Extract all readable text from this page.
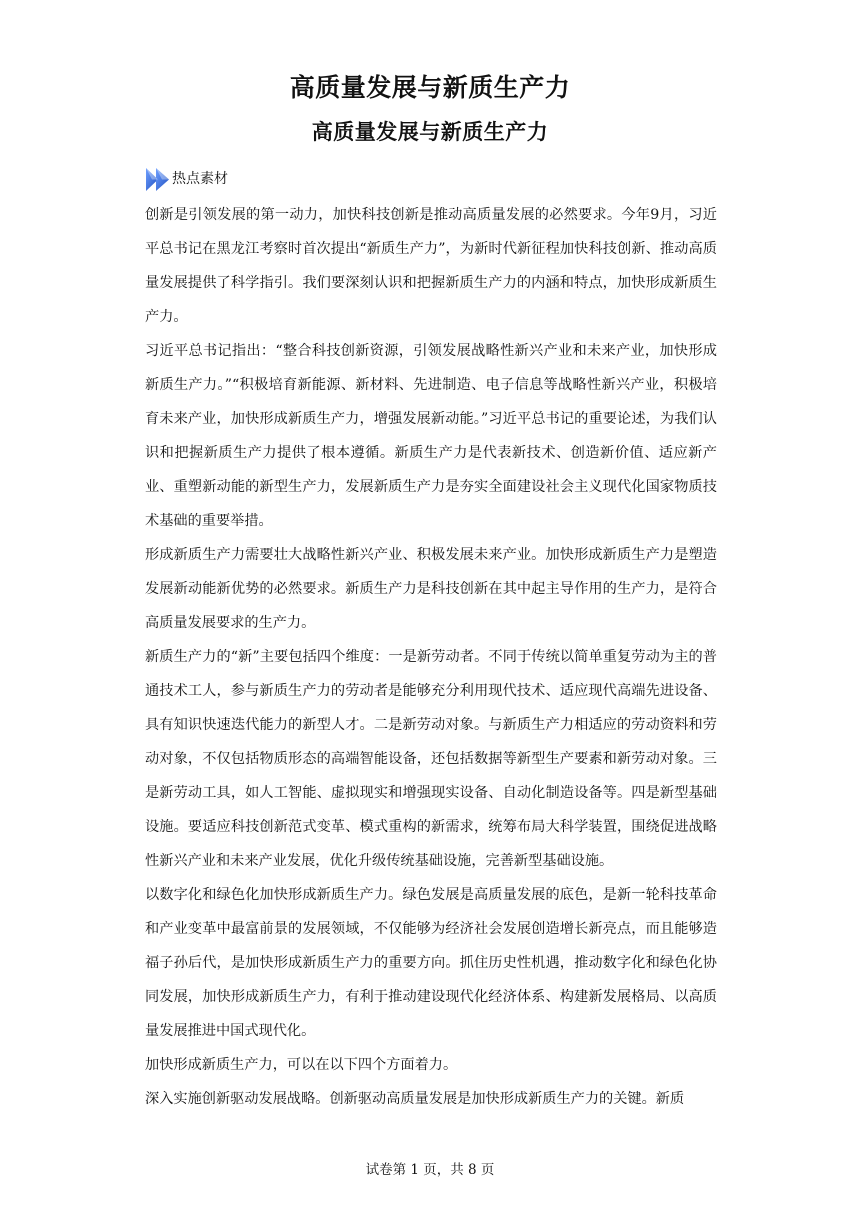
高质量发展与新质生产力
高质量发展与新质生产力
热点素材

创新是引领发展的第一动力，加快科技创新是推动高质量发展的必然要求。今年9月，习近平总书记在黑龙江考察时首次提出“新质生产力”，为新时代新征程加快科技创新、推动高质量发展提供了科学指引。我们要深刻认识和把握新质生产力的内涵和特点，加快形成新质生产力。

习近平总书记指出：“整合科技创新资源，引领发展战略性新兴产业和未来产业，加快形成新质生产力。”“积极培育新能源、新材料、先进制造、电子信息等战略性新兴产业，积极培育未来产业，加快形成新质生产力，增强发展新动能。”习近平总书记的重要论述，为我们认识和把握新质生产力提供了根本遵循。新质生产力是代表新技术、创造新价值、适应新产业、重塑新动能的新型生产力，发展新质生产力是夯实全面建设社会主义现代化国家物质技术基础的重要举措。

形成新质生产力需要壮大战略性新兴产业、积极发展未来产业。加快形成新质生产力是塑造发展新动能新优势的必然要求。新质生产力是科技创新在其中起主导作用的生产力，是符合高质量发展要求的生产力。

新质生产力的“新”主要包括四个维度：一是新劳动者。不同于传统以简单重复劳动为主的普通技术工人，参与新质生产力的劳动者是能够充分利用现代技术、适应现代高端先进设备、具有知识快速迭代能力的新型人才。二是新劳动对象。与新质生产力相适应的劳动资料和劳动对象，不仅包括物质形态的高端智能设备，还包括数据等新型生产要素和新劳动对象。三是新劳动工具，如人工智能、虚拟现实和增强现实设备、自动化制造设备等。四是新型基础设施。要适应科技创新范式变革、模式重构的新需求，统筹布局大科学装置，围绕促进战略性新兴产业和未来产业发展，优化升级传统基础设施，完善新型基础设施。

以数字化和绿色化加快形成新质生产力。绿色发展是高质量发展的底色，是新一轮科技革命和产业变革中最富前景的发展领域，不仅能够为经济社会发展创造增长新亮点，而且能够造福子孙后代，是加快形成新质生产力的重要方向。抓住历史性机遇，推动数字化和绿色化协同发展，加快形成新质生产力，有利于推动建设现代化经济体系、构建新发展格局、以高质量发展推进中国式现代化。

加快形成新质生产力，可以在以下四个方面着力。

深入实施创新驱动发展战略。创新驱动高质量发展是加快形成新质生产力的关键。新质

试卷第 1 页，共 8 页
